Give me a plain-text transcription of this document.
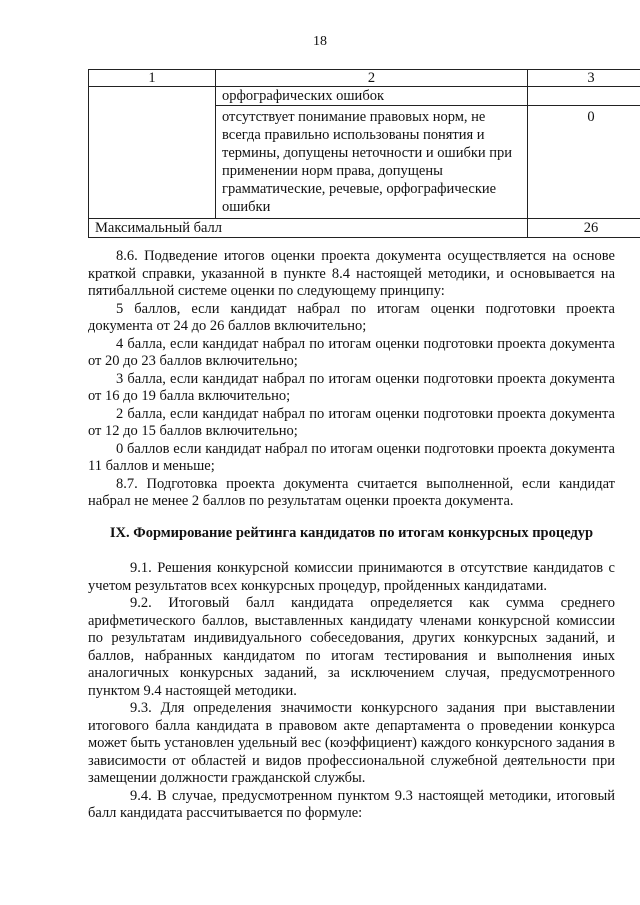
18
1	2	3
	орфографических ошибок	
	отсутствует понимание правовых норм, не всегда правильно использованы понятия и термины, допущены неточности и ошибки при применении норм права, допущены грамматические, речевые, орфографические ошибки	0
Максимальный балл		26
8.6. Подведение итогов оценки проекта документа осуществляется на основе краткой справки, указанной в пункте 8.4 настоящей методики, и основывается на пятибалльной системе оценки по следующему принципу:
5 баллов, если кандидат набрал по итогам оценки подготовки проекта документа от 24 до 26 баллов включительно;
4 балла, если кандидат набрал по итогам оценки подготовки проекта документа от 20 до 23 баллов включительно;
3 балла, если кандидат набрал по итогам оценки подготовки проекта документа от 16 до 19 балла включительно;
2 балла, если кандидат набрал по итогам оценки подготовки проекта документа от 12 до 15 баллов включительно;
0 баллов если кандидат набрал по итогам оценки подготовки проекта документа 11 баллов и меньше;
8.7. Подготовка проекта документа считается выполненной, если кандидат набрал не менее 2 баллов по результатам оценки проекта документа.
IX. Формирование рейтинга кандидатов по итогам конкурсных процедур
9.1. Решения конкурсной комиссии принимаются в отсутствие кандидатов с учетом результатов всех конкурсных процедур, пройденных кандидатами.
9.2. Итоговый балл кандидата определяется как сумма среднего арифметического баллов, выставленных кандидату членами конкурсной комиссии по результатам индивидуального собеседования, других конкурсных заданий, и баллов, набранных кандидатом по итогам тестирования и выполнения иных аналогичных конкурсных заданий, за исключением случая, предусмотренного пунктом 9.4 настоящей методики.
9.3. Для определения значимости конкурсного задания при выставлении итогового балла кандидата в правовом акте департамента о проведении конкурса может быть установлен удельный вес (коэффициент) каждого конкурсного задания в зависимости от областей и видов профессиональной служебной деятельности при замещении должности гражданской службы.
9.4. В случае, предусмотренном пунктом 9.3 настоящей методики, итоговый балл кандидата рассчитывается по формуле:
